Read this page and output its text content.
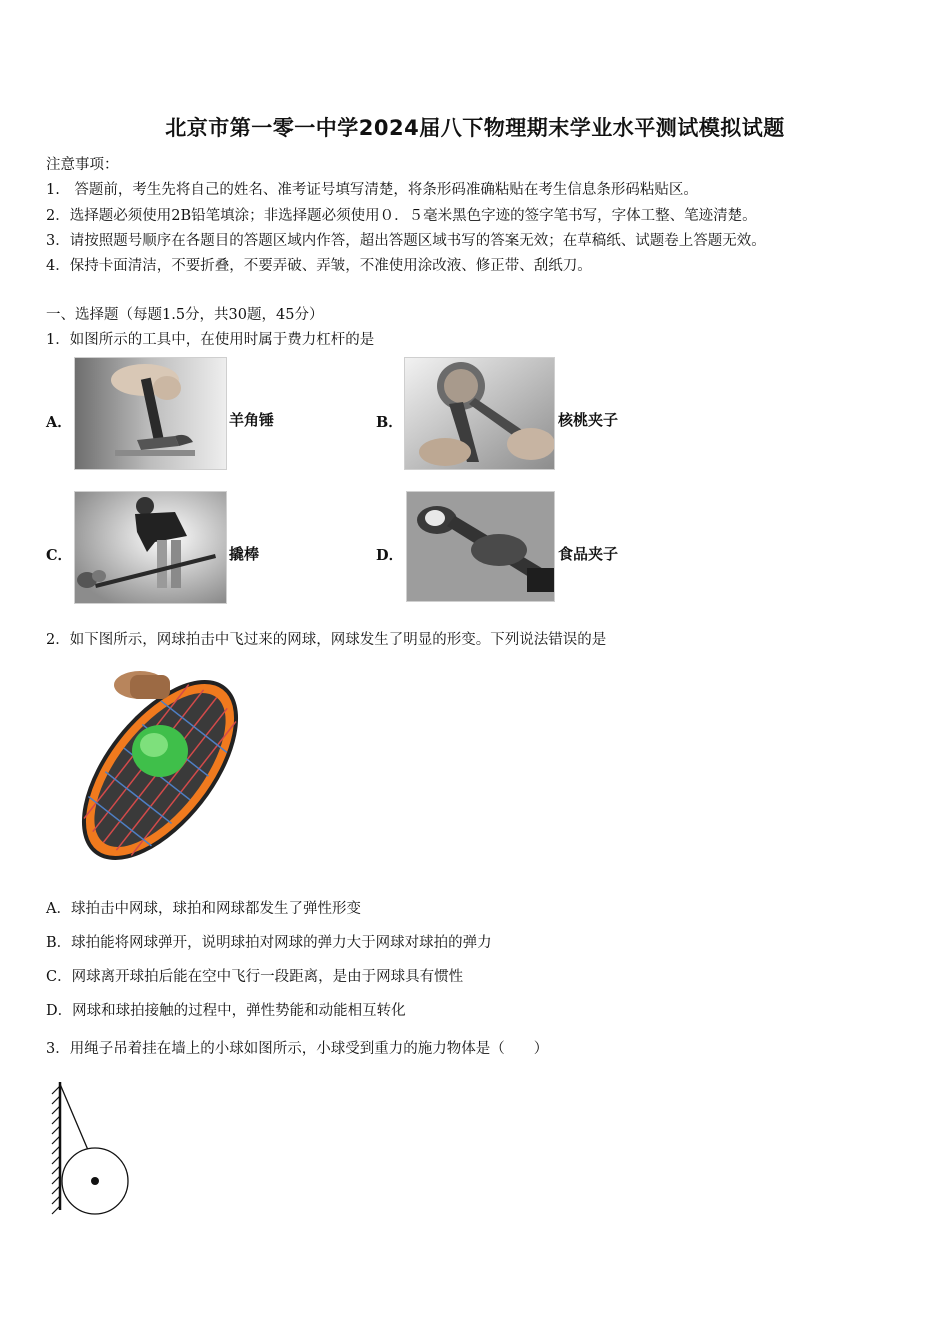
北京市第一零一中学2024届八下物理期末学业水平测试模拟试题
注意事项：
1.　答题前，考生先将自己的姓名、准考证号填写清楚，将条形码准确粘贴在考生信息条形码粘贴区。
2．选择题必须使用2B铅笔填涂；非选择题必须使用０．５毫米黑色字迹的签字笔书写，字体工整、笔迹清楚。
3．请按照题号顺序在各题目的答题区域内作答，超出答题区域书写的答案无效；在草稿纸、试题卷上答题无效。
4．保持卡面清洁，不要折叠，不要弄破、弄皱，不准使用涂改液、修正带、刮纸刀。
一、选择题（每题1.5分，共30题，45分）
1．如图所示的工具中，在使用时属于费力杠杆的是
A．	羊角锤	B．	核桃夹子
C．	撬棒	D．	食品夹子
2．如下图所示，网球拍击中飞过来的网球，网球发生了明显的形变。下列说法错误的是
A．球拍击中网球，球拍和网球都发生了弹性形变
B．球拍能将网球弹开，说明球拍对网球的弹力大于网球对球拍的弹力
C．网球离开球拍后能在空中飞行一段距离，是由于网球具有惯性
D．网球和球拍接触的过程中，弹性势能和动能相互转化
3．用绳子吊着挂在墙上的小球如图所示，小球受到重力的施力物体是（　　）
